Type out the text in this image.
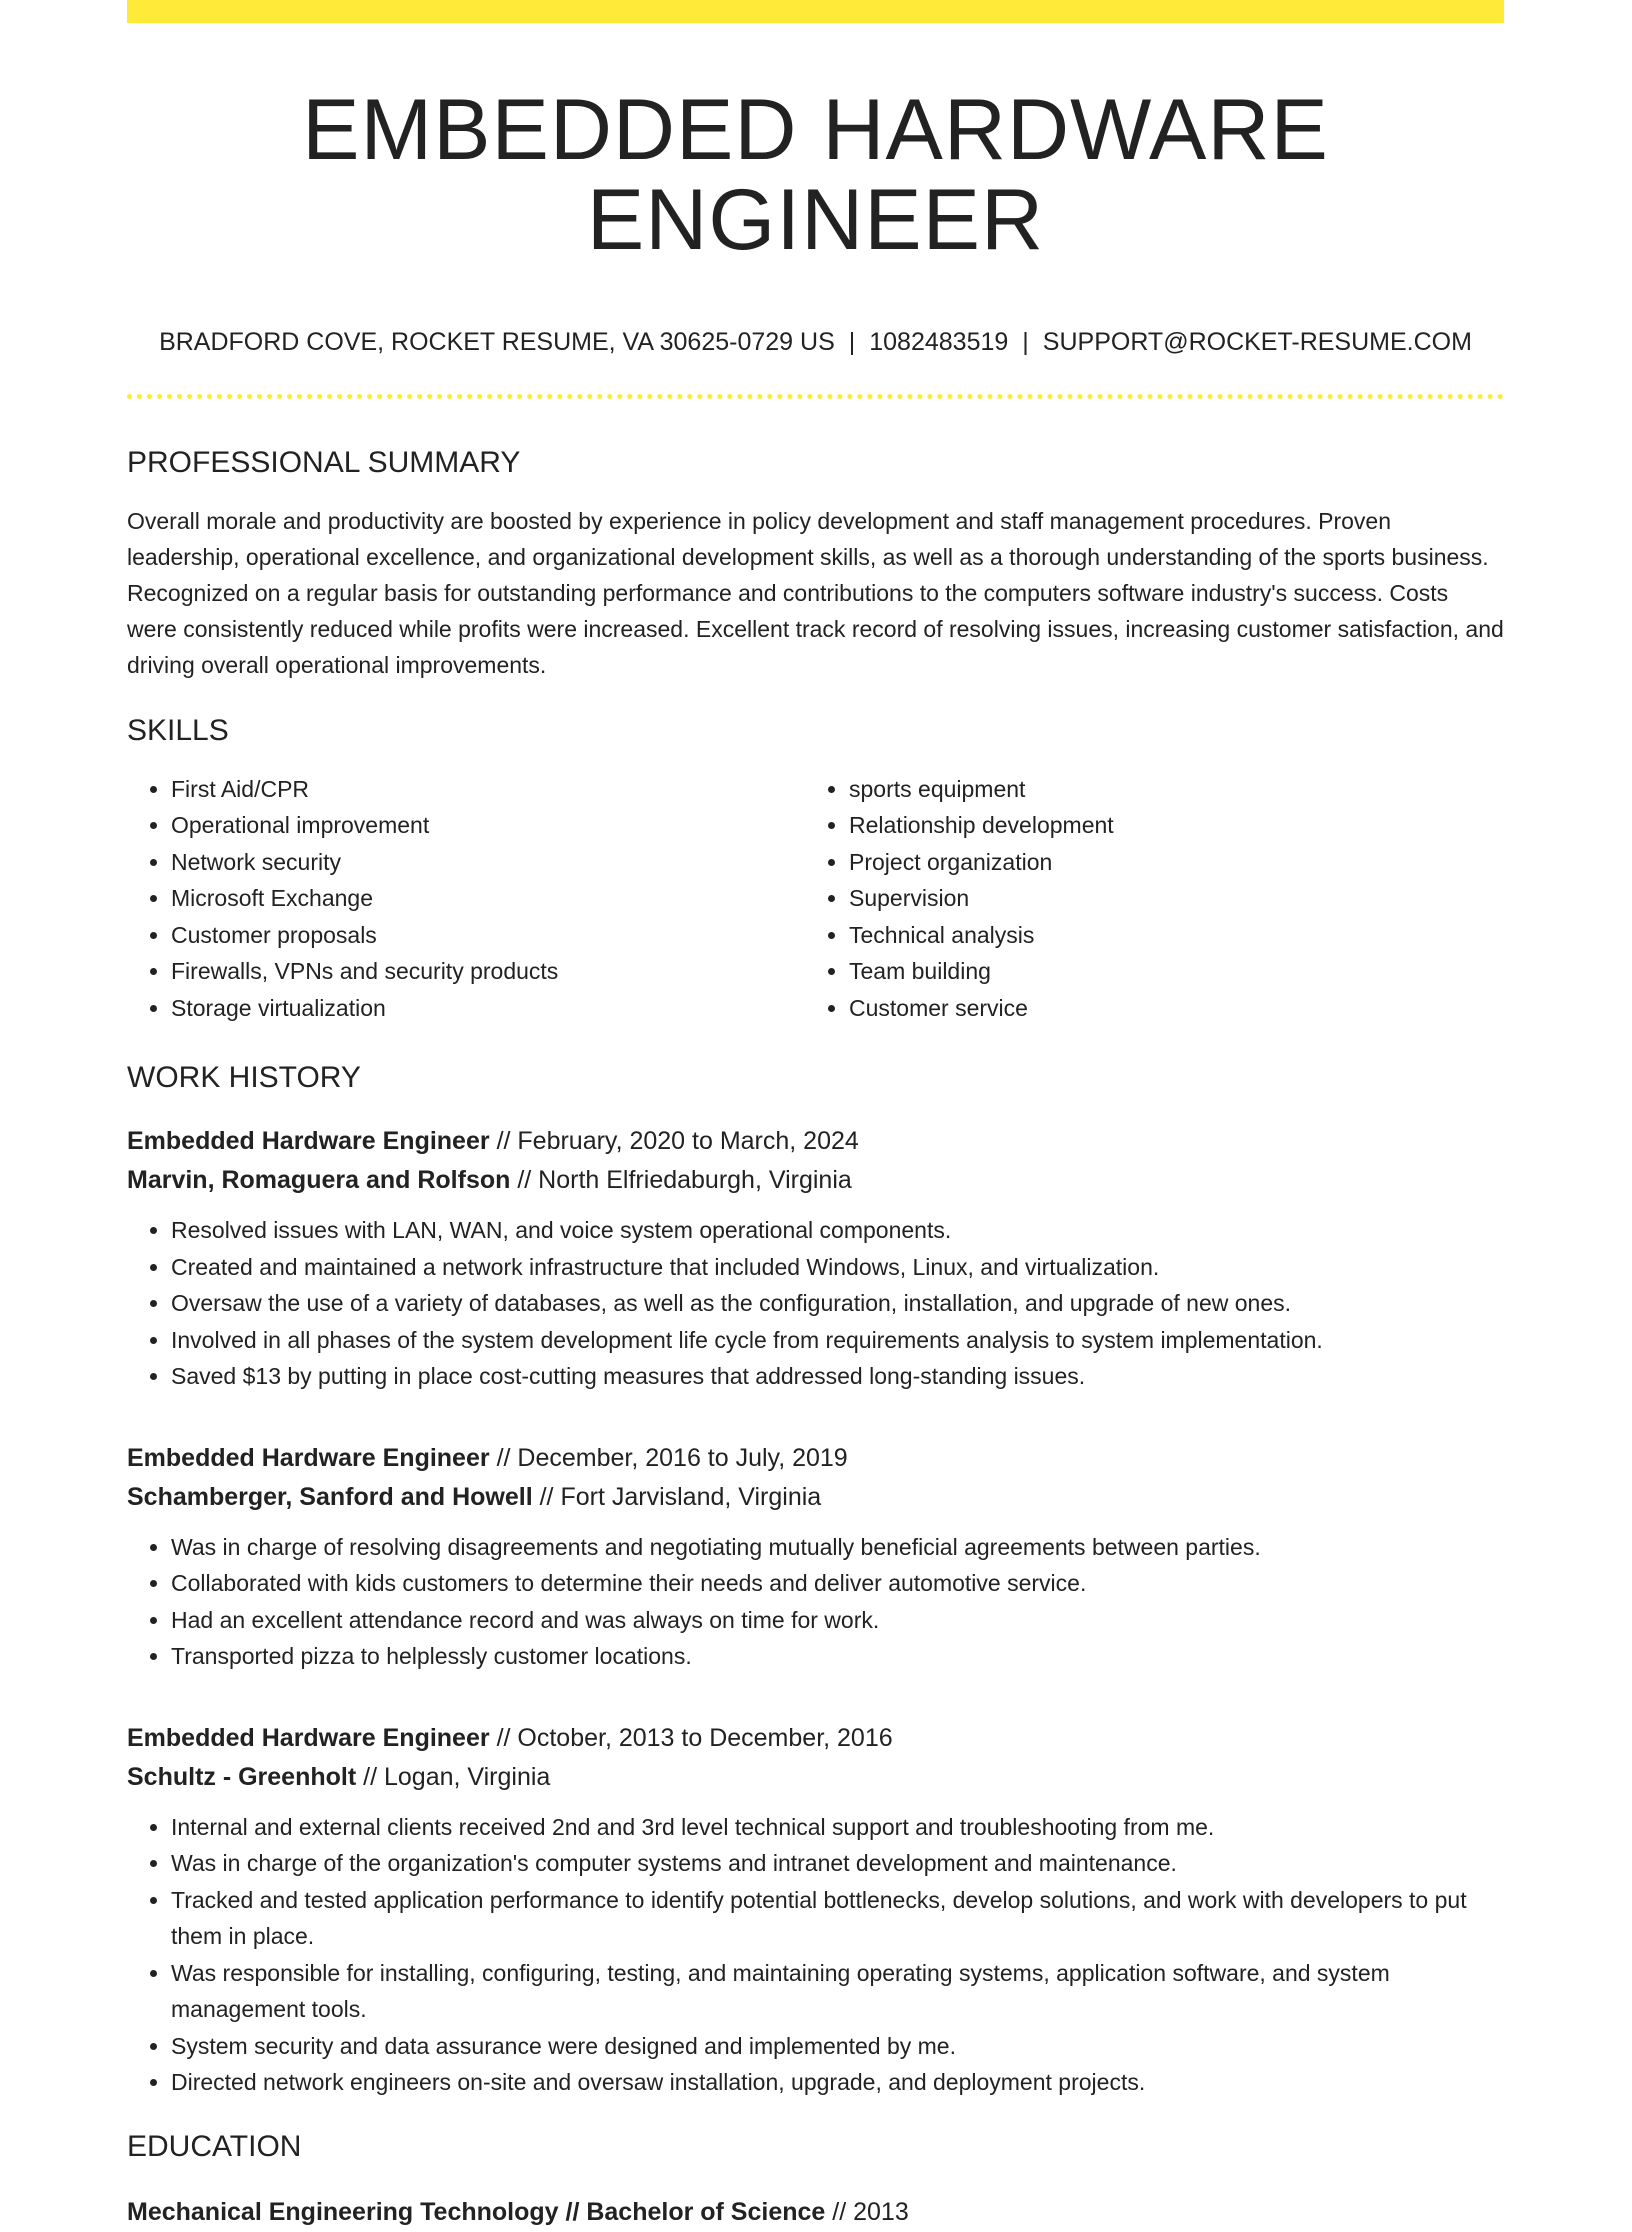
EMBEDDED HARDWARE ENGINEER
BRADFORD COVE, ROCKET RESUME, VA 30625-0729 US | 1082483519 | SUPPORT@ROCKET-RESUME.COM
PROFESSIONAL SUMMARY

Overall morale and productivity are boosted by experience in policy development and staff management procedures. Proven leadership, operational excellence, and organizational development skills, as well as a thorough understanding of the sports business. Recognized on a regular basis for outstanding performance and contributions to the computers software industry's success. Costs were consistently reduced while profits were increased. Excellent track record of resolving issues, increasing customer satisfaction, and driving overall operational improvements.

SKILLS
• First Aid/CPR
• Operational improvement
• Network security
• Microsoft Exchange
• Customer proposals
• Firewalls, VPNs and security products
• Storage virtualization
• sports equipment
• Relationship development
• Project organization
• Supervision
• Technical analysis
• Team building
• Customer service
WORK HISTORY
Embedded Hardware Engineer // February, 2020 to March, 2024
Marvin, Romaguera and Rolfson // North Elfriedaburgh, Virginia
• Resolved issues with LAN, WAN, and voice system operational components.
• Created and maintained a network infrastructure that included Windows, Linux, and virtualization.
• Oversaw the use of a variety of databases, as well as the configuration, installation, and upgrade of new ones.
• Involved in all phases of the system development life cycle from requirements analysis to system implementation.
• Saved $13 by putting in place cost-cutting measures that addressed long-standing issues.
Embedded Hardware Engineer // December, 2016 to July, 2019
Schamberger, Sanford and Howell // Fort Jarvisland, Virginia
• Was in charge of resolving disagreements and negotiating mutually beneficial agreements between parties.
• Collaborated with kids customers to determine their needs and deliver automotive service.
• Had an excellent attendance record and was always on time for work.
• Transported pizza to helplessly customer locations.
Embedded Hardware Engineer // October, 2013 to December, 2016
Schultz - Greenholt // Logan, Virginia
• Internal and external clients received 2nd and 3rd level technical support and troubleshooting from me.
• Was in charge of the organization's computer systems and intranet development and maintenance.
• Tracked and tested application performance to identify potential bottlenecks, develop solutions, and work with developers to put them in place.
• Was responsible for installing, configuring, testing, and maintaining operating systems, application software, and system management tools.
• System security and data assurance were designed and implemented by me.
• Directed network engineers on-site and oversaw installation, upgrade, and deployment projects.
EDUCATION
Mechanical Engineering Technology // Bachelor of Science // 2013
